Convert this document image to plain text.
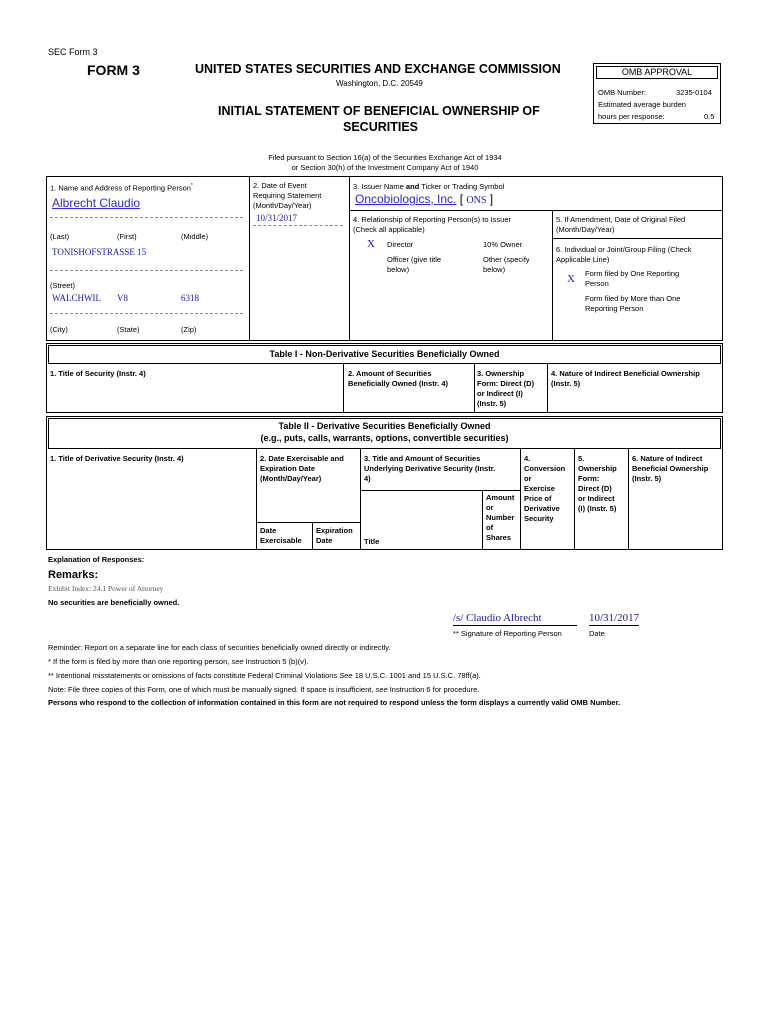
SEC Form 3
FORM 3	UNITED STATES SECURITIES AND EXCHANGE COMMISSION
Washington, D.C. 20549
INITIAL STATEMENT OF BENEFICIAL OWNERSHIP OF
SECURITIES
OMB APPROVAL
OMB Number:	3235-0104
Estimated average burden
hours per response:	0.5
Filed pursuant to Section 16(a) of the Securities Exchange Act of 1934
or Section 30(h) of the Investment Company Act of 1940
1. Name and Address of Reporting Person*
Albrecht Claudio
(Last)	(First)	(Middle)
TONISHOFSTRASSE 15
(Street)
WALCHWIL V8	6318
(City)	(State)	(Zip)
2. Date of Event
Requiring Statement
(Month/Day/Year)
10/31/2017
3. Issuer Name and Ticker or Trading Symbol
Oncobiologics, Inc. [ ONS ]
4. Relationship of Reporting Person(s) to Issuer
(Check all applicable)
X Director	10% Owner
Officer (give title
below)
Other (specify
below)
5. If Amendment, Date of Original Filed
(Month/Day/Year)
6. Individual or Joint/Group Filing (Check
Applicable Line)
X Form filed by One Reporting
Person
Form filed by More than One
Reporting Person
Table I - Non-Derivative Securities Beneficially Owned
1. Title of Security (Instr. 4)	2. Amount of Securities
Beneficially Owned (Instr. 4)
3. Ownership
Form: Direct (D)
or Indirect (I)
(Instr. 5)
4. Nature of Indirect Beneficial Ownership
(Instr. 5)
Table II - Derivative Securities Beneficially Owned
(e.g., puts, calls, warrants, options, convertible securities)
1. Title of Derivative Security (Instr. 4)	2. Date Exercisable and
Expiration Date
(Month/Day/Year)
3. Title and Amount of Securities
Underlying Derivative Security (Instr.
4)
4.
Conversion
or
Exercise
Price of
Derivative
Security
5.
Ownership
Form:
Direct (D)
or Indirect
(I) (Instr. 5)
6. Nature of Indirect
Beneficial Ownership
(Instr. 5)
Date
Exercisable
Expiration
Date	Title
Amount
or
Number
of
Shares
Explanation of Responses:
Remarks:
Exhibit Index: 24.1 Power of Attorney
No securities are beneficially owned.
/s/ Claudio Albrecht	10/31/2017
** Signature of Reporting Person	Date
Reminder: Report on a separate line for each class of securities beneficially owned directly or indirectly.
* If the form is filed by more than one reporting person, see Instruction 5 (b)(v).
** Intentional misstatements or omissions of facts constitute Federal Criminal Violations See 18 U.S.C. 1001 and 15 U.S.C. 78ff(a).
Note: File three copies of this Form, one of which must be manually signed. If space is insufficient, see Instruction 6 for procedure.
Persons who respond to the collection of information contained in this form are not required to respond unless the form displays a currently valid OMB Number.
